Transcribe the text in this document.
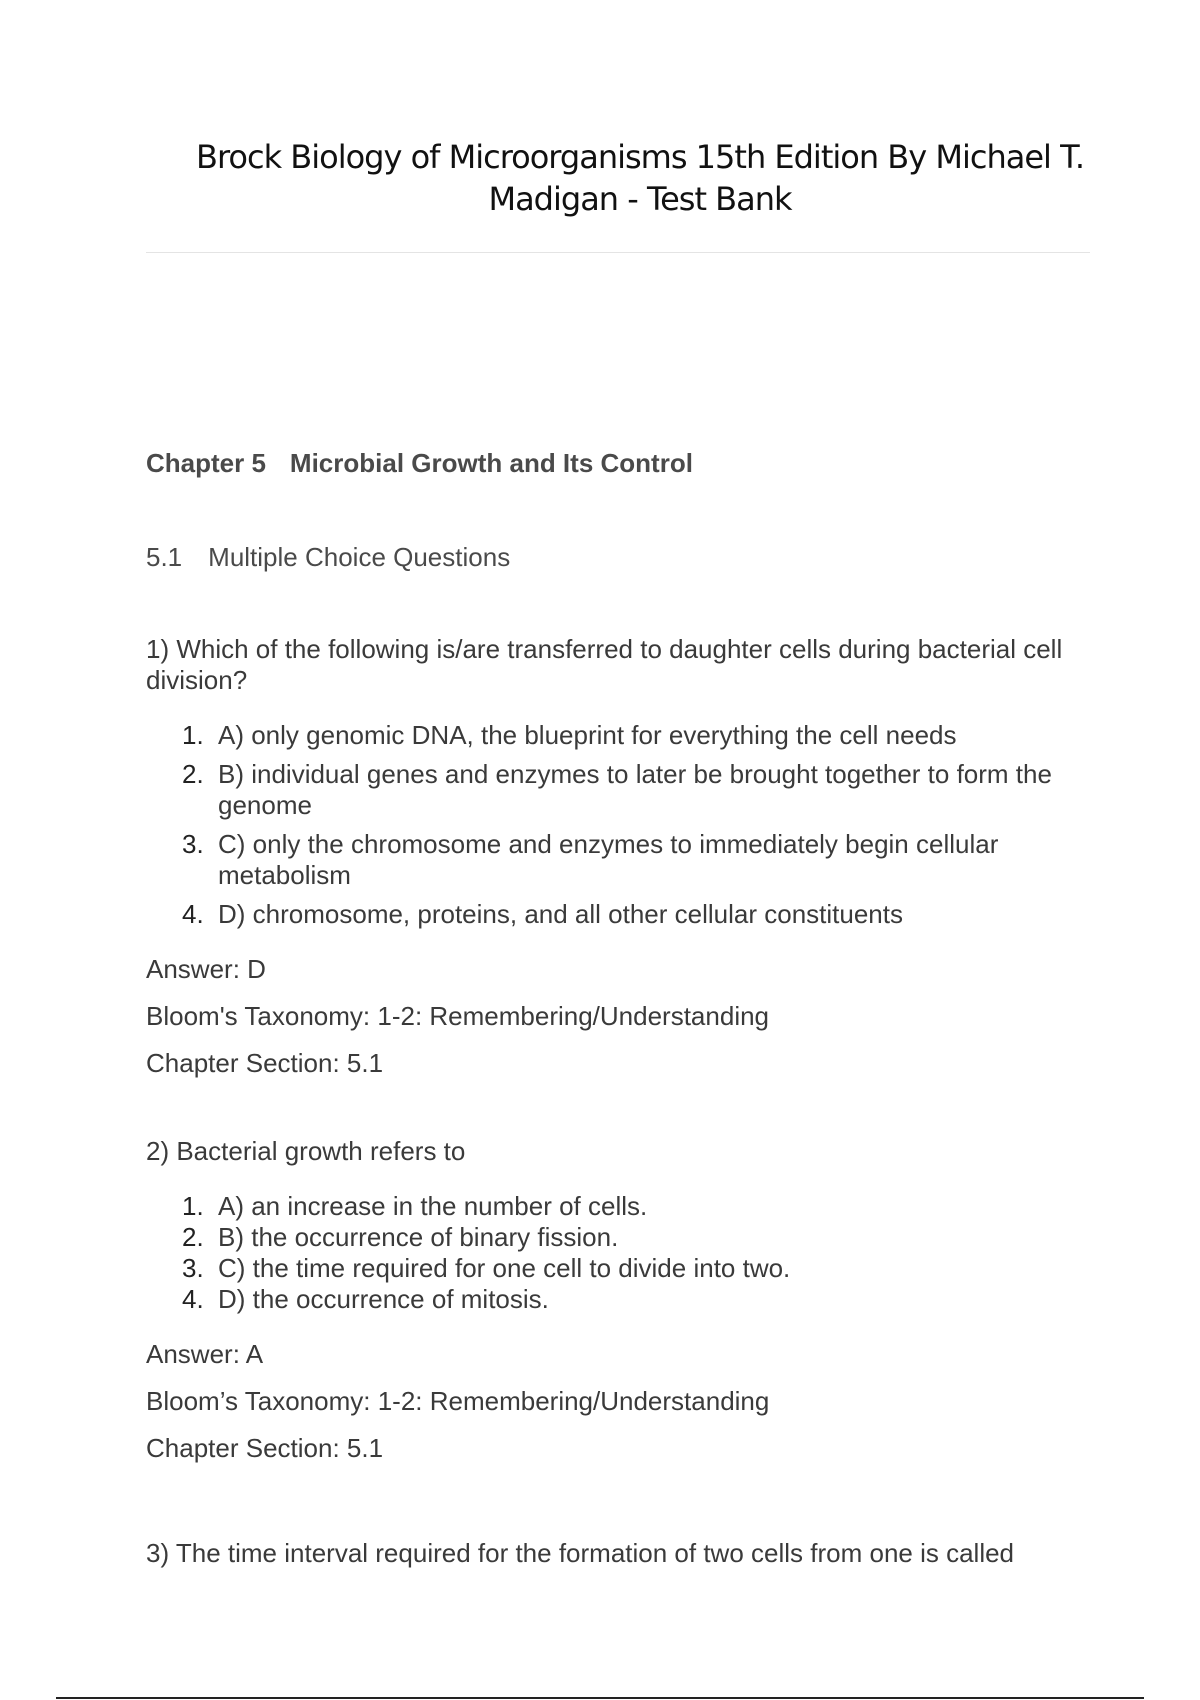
Brock Biology of Microorganisms 15th Edition By Michael T. Madigan - Test Bank
Chapter 5 Microbial Growth and Its Control
5.1 Multiple Choice Questions

1) Which of the following is/are transferred to daughter cells during bacterial cell division?

1. A) only genomic DNA, the blueprint for everything the cell needs
2. B) individual genes and enzymes to later be brought together to form the genome
3. C) only the chromosome and enzymes to immediately begin cellular metabolism
4. D) chromosome, proteins, and all other cellular constituents

Answer: D

Bloom's Taxonomy: 1-2: Remembering/Understanding

Chapter Section: 5.1

2) Bacterial growth refers to

1. A) an increase in the number of cells.
2. B) the occurrence of binary fission.
3. C) the time required for one cell to divide into two.
4. D) the occurrence of mitosis.

Answer: A

Bloom’s Taxonomy: 1-2: Remembering/Understanding

Chapter Section: 5.1

3) The time interval required for the formation of two cells from one is called
